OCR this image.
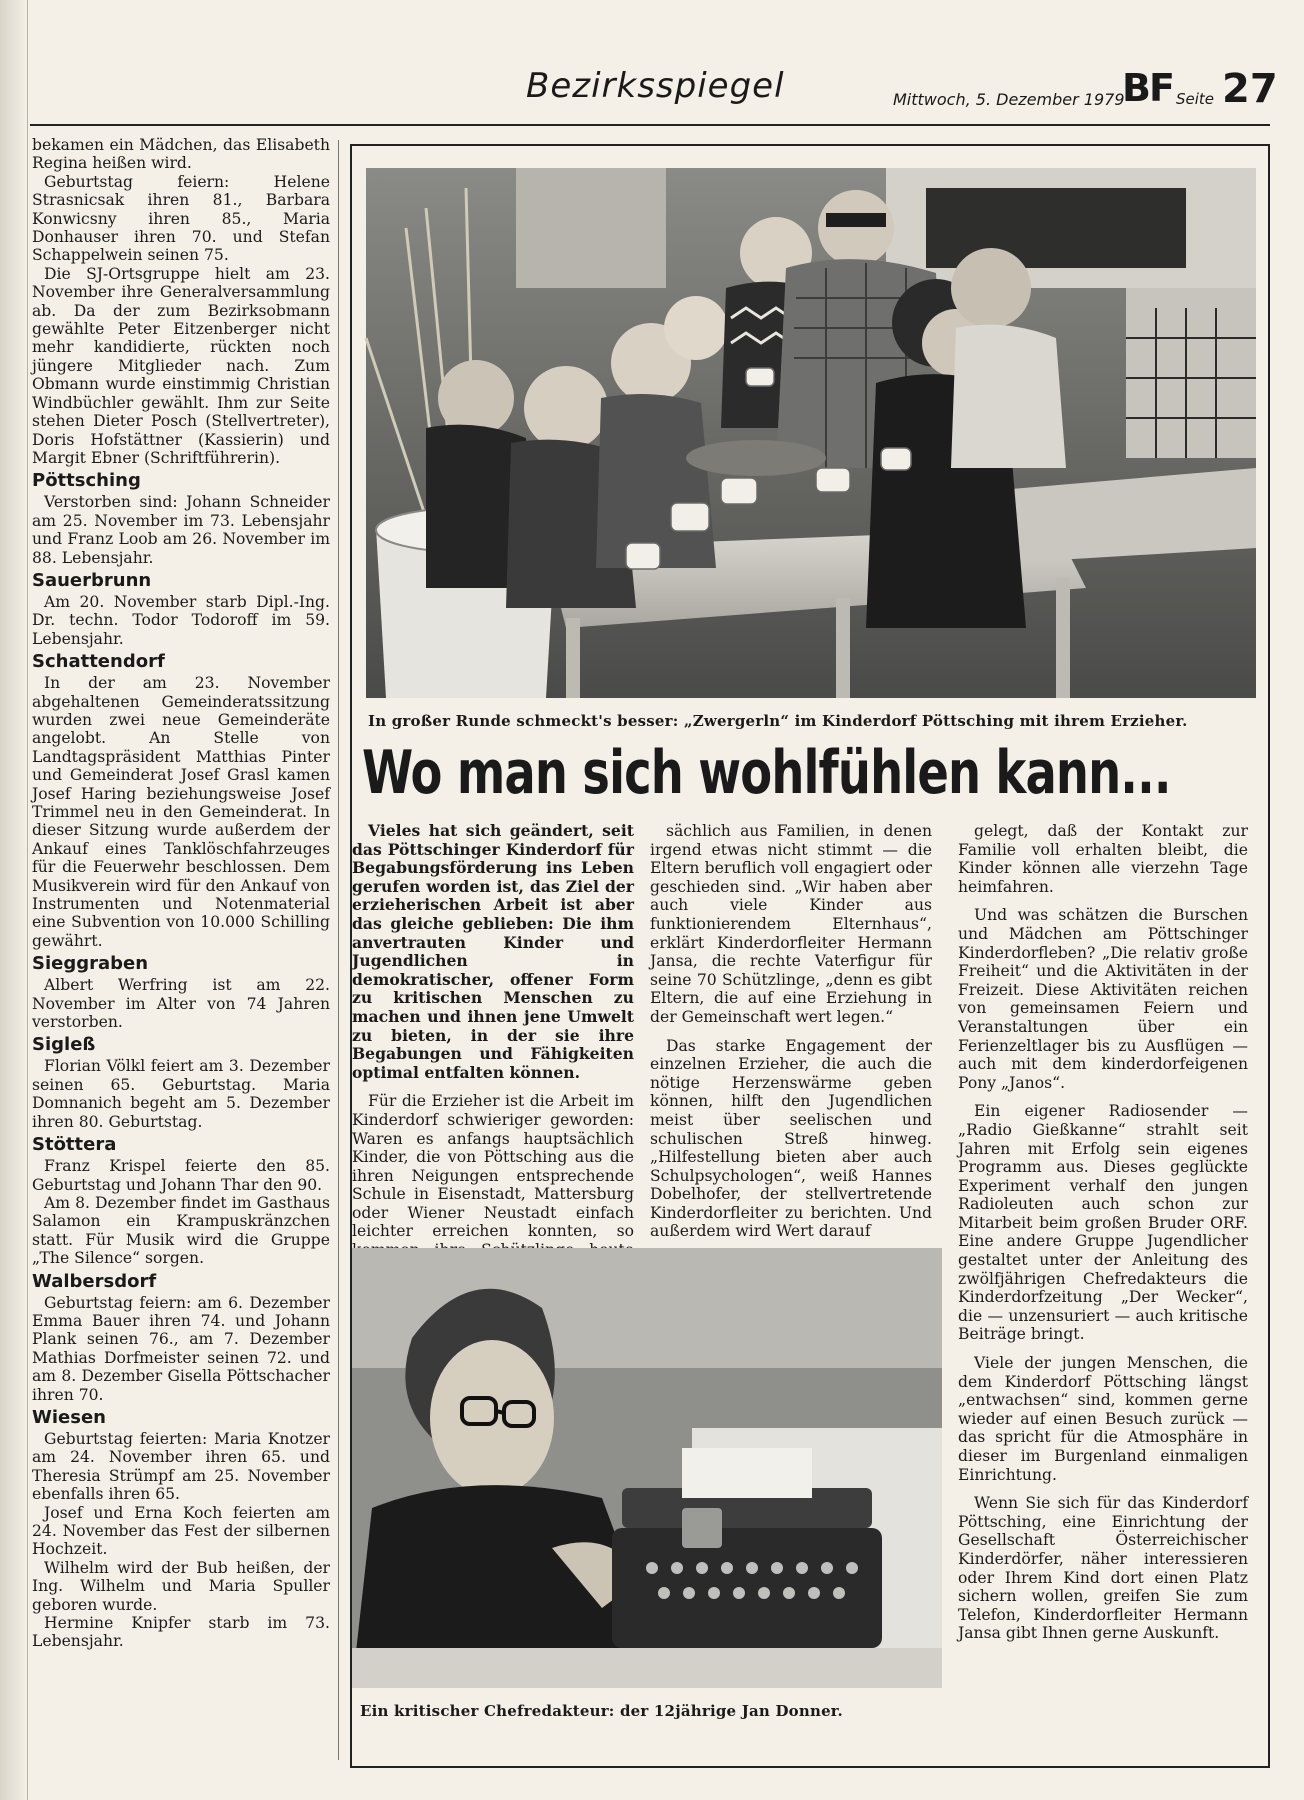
Bezirksspiegel	Mittwoch, 5. Dezember 1979
BF Seite 27

bekamen ein Mädchen, das Elisabeth Regina heißen wird.

Geburtstag feiern: Helene Strasnicsak ihren 81., Barbara Konwicsny ihren 85., Maria Donhauser ihren 70. und Stefan Schappelwein seinen 75.

Die SJ-Ortsgruppe hielt am 23. November ihre Generalversammlung ab. Da der zum Bezirksobmann gewählte Peter Eitzenberger nicht mehr kandidierte, rückten noch jüngere Mitglieder nach. Zum Obmann wurde einstimmig Christian Windbüchler gewählt. Ihm zur Seite stehen Dieter Posch (Stellvertreter), Doris Hofstättner (Kassierin) und Margit Ebner (Schriftführerin).

Pöttsching

Verstorben sind: Johann Schneider am 25. November im 73. Lebensjahr und Franz Loob am 26. November im 88. Lebensjahr.

Sauerbrunn

Am 20. November starb Dipl.-Ing. Dr. techn. Todor Todoroff im 59. Lebensjahr.

Schattendorf

In der am 23. November abgehaltenen Gemeinderatssitzung wurden zwei neue Gemeinderäte angelobt. An Stelle von Landtagspräsident Matthias Pinter und Gemeinderat Josef Grasl kamen Josef Haring beziehungsweise Josef Trimmel neu in den Gemeinderat. In dieser Sitzung wurde außerdem der Ankauf eines Tanklöschfahrzeuges für die Feuerwehr beschlossen. Dem Musikverein wird für den Ankauf von Instrumenten und Notenmaterial eine Subvention von 10.000 Schilling gewährt.

Sieggraben

Albert Werfring ist am 22. November im Alter von 74 Jahren verstorben.

Sigleß

Florian Völkl feiert am 3. Dezember seinen 65. Geburtstag. Maria Domnanich begeht am 5. Dezember ihren 80. Geburtstag.

Stöttera

Franz Krispel feierte den 85. Geburtstag und Johann Thar den 90.

Am 8. Dezember findet im Gasthaus Salamon ein Krampuskränzchen statt. Für Musik wird die Gruppe „The Silence“ sorgen.

Walbersdorf

Geburtstag feiern: am 6. Dezember Emma Bauer ihren 74. und Johann Plank seinen 76., am 7. Dezember Mathias Dorfmeister seinen 72. und am 8. Dezember Gisella Pöttschacher ihren 70.

Wiesen

Geburtstag feierten: Maria Knotzer am 24. November ihren 65. und Theresia Strümpf am 25. November ebenfalls ihren 65.

Josef und Erna Koch feierten am 24. November das Fest der silbernen Hochzeit.

Wilhelm wird der Bub heißen, der Ing. Wilhelm und Maria Spuller geboren wurde.

Hermine Knipfer starb im 73. Lebensjahr.

In großer Runde schmeckt's besser: „Zwergerln“ im Kinderdorf Pöttsching mit ihrem Erzieher.
Wo man sich wohlfühlen kann...

Vieles hat sich geändert, seit das Pöttschinger Kinderdorf für Begabungsförderung ins Leben gerufen worden ist, das Ziel der erzieherischen Arbeit ist aber das gleiche geblieben: Die ihm anvertrauten Kinder und Jugendlichen in demokratischer, offener Form zu kritischen Menschen zu machen und ihnen jene Umwelt zu bieten, in der sie ihre Begabungen und Fähigkeiten optimal entfalten können.

Für die Erzieher ist die Arbeit im Kinderdorf schwieriger geworden: Waren es anfangs hauptsächlich Kinder, die von Pöttsching aus die ihren Neigungen entsprechende Schule in Eisenstadt, Mattersburg oder Wiener Neustadt einfach leichter erreichen konnten, so

sächlich aus Familien, in denen irgend etwas nicht stimmt — die Eltern beruflich voll engagiert oder geschieden sind. „Wir haben aber auch viele Kinder aus funktionierendem Elternhaus“, erklärt Kinderdorfleiter Hermann Jansa, die rechte Vaterfigur für seine 70 Schützlinge, „denn es gibt Eltern, die auf eine Erziehung in der Gemeinschaft wert legen.“

Das starke Engagement der einzelnen Erzieher, die auch die nötige Herzenswärme geben können, hilft den Jugendlichen meist über seelischen und schulischen Streß hinweg. „Hilfestellung bieten aber auch Schulpsychologen“, weiß Hannes Dobelhofer, der stellvertretende Kinderdorfleiter zu berichten. Und außerdem wird Wert darauf

gelegt, daß der Kontakt zur Familie voll erhalten bleibt, die Kinder können alle vierzehn Tage heimfahren.

Und was schätzen die Burschen und Mädchen am Pöttschinger Kinderdorfleben? „Die relativ große Freiheit“ und die Aktivitäten in der Freizeit. Diese Aktivitäten reichen von gemeinsamen Feiern und Veranstaltungen über ein Ferienzeltlager bis zu Ausflügen — auch mit dem kinderdorfeigenen Pony „Janos“.

Ein eigener Radiosender — „Radio Gießkanne“ strahlt seit Jahren mit Erfolg sein eigenes Programm aus. Dieses geglückte Experiment verhalf den jungen Radioleuten auch schon zur Mitarbeit beim großen Bruder ORF. Eine andere Gruppe Jugendlicher gestaltet unter der Anleitung des zwölfjährigen Chefredakteurs die Kinderdorfzeitung „Der Wecker“, die — unzensuriert — auch kritische Beiträge bringt.

Viele der jungen Menschen, die dem Kinderdorf Pöttsching längst „entwachsen“ sind, kommen gerne wieder auf einen Besuch zurück — das spricht für die Atmosphäre in dieser im Burgenland einmaligen Einrichtung.

Wenn Sie sich für das Kinderdorf Pöttsching, eine Einrichtung der Gesellschaft Österreichischer Kinderdörfer, näher interessieren oder Ihrem Kind dort einen Platz sichern wollen, greifen Sie zum Telefon, Kinderdorfleiter Hermann Jansa gibt Ihnen gerne Auskunft.

Ein kritischer Chefredakteur: der 12jährige Jan Donner.
